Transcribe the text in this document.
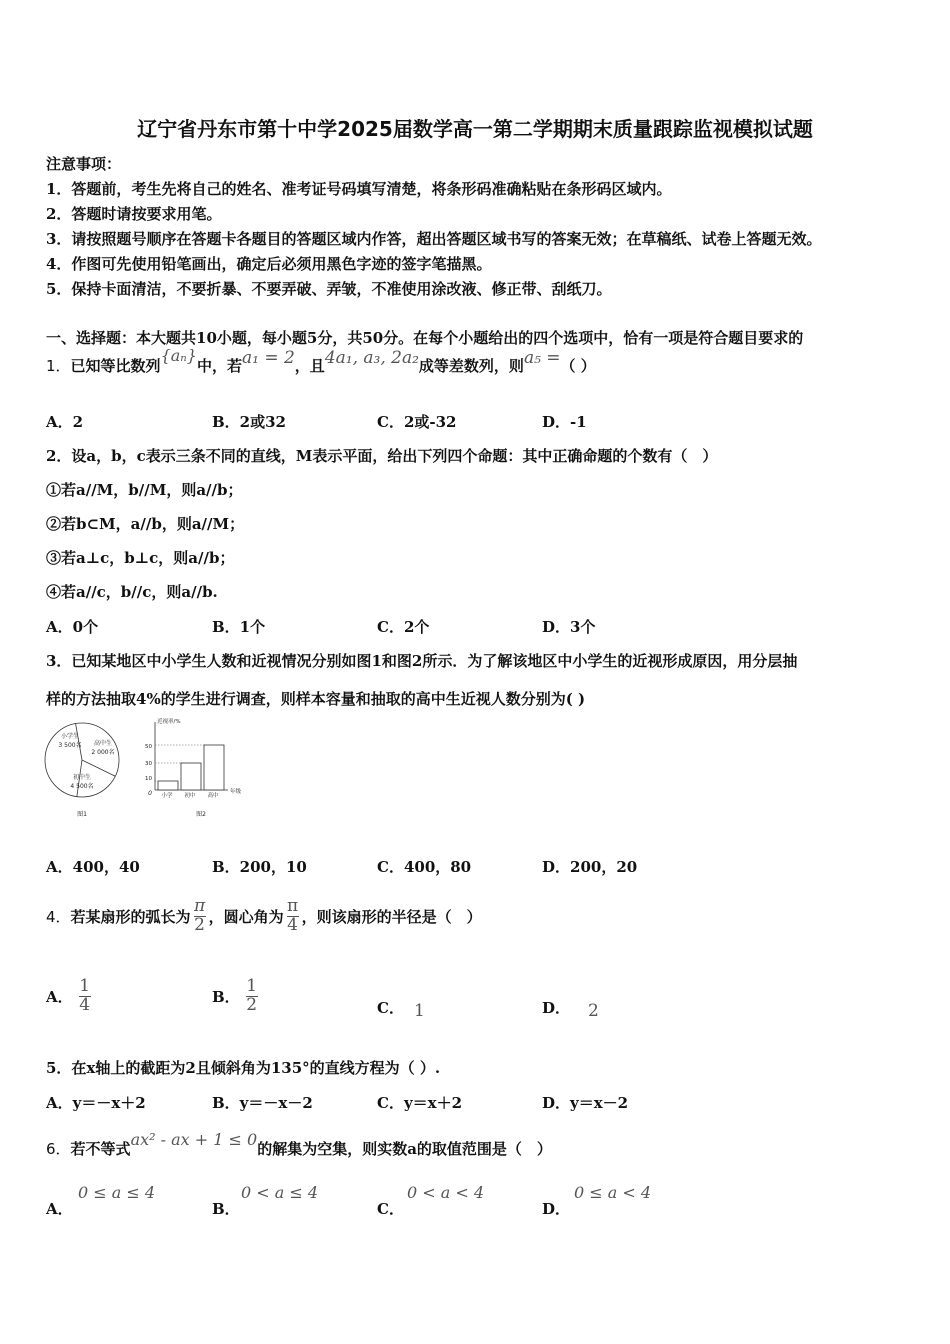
辽宁省丹东市第十中学2025届数学高一第二学期期末质量跟踪监视模拟试题
注意事项：
1．答题前，考生先将自己的姓名、准考证号码填写清楚，将条形码准确粘贴在条形码区域内。
2．答题时请按要求用笔。
3．请按照题号顺序在答题卡各题目的答题区域内作答，超出答题区域书写的答案无效；在草稿纸、试卷上答题无效。
4．作图可先使用铅笔画出，确定后必须用黑色字迹的签字笔描黑。
5．保持卡面清洁，不要折暴、不要弄破、弄皱，不准使用涂改液、修正带、刮纸刀。
一、选择题：本大题共10小题，每小题5分，共50分。在每个小题给出的四个选项中，恰有一项是符合题目要求的
1．已知等比数列{aₙ}中，若a₁ = 2，且4a₁, a₃, 2a₂成等差数列，则a₅ =（ ）
A．2	B．2或32	C．2或-32	D．-1
2．设a，b，c表示三条不同的直线，M表示平面，给出下列四个命题：其中正确命题的个数有（　）
①若a//M，b//M，则a//b；
②若b⊂M，a//b，则a//M；
③若a⊥c，b⊥c，则a//b；
④若a//c，b//c，则a//b.
A．0个	B．1个	C．2个	D．3个
3．已知某地区中小学生人数和近视情况分别如图1和图2所示．为了解该地区中小学生的近视形成原因，用分层抽
样的方法抽取4%的学生进行调查，则样本容量和抽取的高中生近视人数分别为( )
小学生
3 500名 高中生
2 000名
初中生
4 500名
图1
近视率/%
年级
0
10
30
50
小学 初中 高中
图2
A．400，40	B．200，10	C．400，80	D．200，20
4． 若某扇形的弧长为 $\frac{\pi}{2}$ ，圆心角为 $\frac{\pi}{4}$ ，则该扇形的半径是（　）
A． $\frac{1}{4}$	B． $\frac{1}{2}$	C． 1	D． 2
5．在x轴上的截距为2且倾斜角为135°的直线方程为（ ）.
A．y＝－x＋2	B．y＝－x－2	C．y＝x＋2	D．y＝x－2
6．若不等式ax² - ax + 1 ≤ 0的解集为空集，则实数a的取值范围是（　）
A．
0 ≤ a ≤ 4
B．
0 < a ≤ 4
C．
0 < a < 4
D．
0 ≤ a < 4
